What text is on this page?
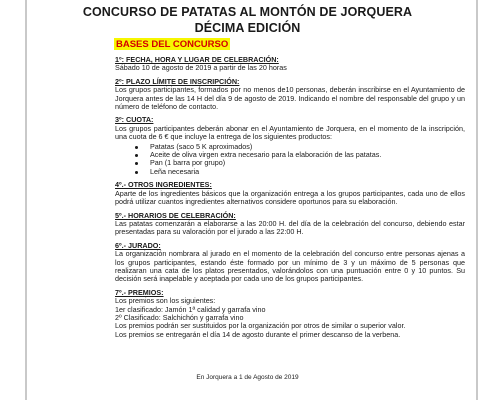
CONCURSO DE PATATAS AL MONTÓN DE JORQUERA
DÉCIMA EDICIÓN
BASES DEL CONCURSO
1º: FECHA, HORA Y LUGAR DE CELEBRACIÓN:
Sábado 10 de agosto de 2019 a partir de las 20 horas
2º: PLAZO LÍMITE DE INSCRIPCIÓN:
Los grupos participantes, formados por no menos de10 personas, deberán inscribirse en el Ayuntamiento de Jorquera antes de las 14 H del día 9 de agosto de 2019. Indicando el nombre del responsable del grupo y un número de teléfono de contacto.
3º: CUOTA:
Los grupos participantes deberán abonar en el Ayuntamiento de Jorquera, en el momento de la inscripción, una cuota de 6 € que incluye la entrega de los siguientes productos:
Patatas (saco 5 K aproximados)
Aceite de oliva virgen extra necesario para la elaboración de las patatas.
Pan (1 barra por grupo)
Leña necesaria
4º.- OTROS INGREDIENTES:
Aparte de los ingredientes básicos que la organización entrega a los grupos participantes, cada uno de ellos podrá utilizar cuantos ingredientes alternativos considere oportunos para su elaboración.
5º.- HORARIOS DE CELEBRACIÓN:
Las patatas comenzarán a elaborarse a las 20:00 H. del día de la celebración del concurso, debiendo estar presentadas para su valoración por el jurado a las 22:00 H.
6º.- JURADO:
La organización nombrara al jurado en el momento de la celebración del concurso entre personas ajenas a los grupos participantes, estando éste formado por un mínimo de 3 y un máximo de 5 personas que realizaran una cata de los platos presentados, valorándolos con una puntuación entre 0 y 10 puntos. Su decisión será inapelable y aceptada por cada uno de los grupos participantes.
7º.- PREMIOS:

Los premios son los siguientes:

1er clasificado: Jamón 1ª calidad y garrafa vino

2º Clasificado: Salchichón y garrafa vino

Los premios podrán ser sustituidos por la organización por otros de similar o superior valor.

Los premios se entregarán el día 14 de agosto durante el primer descanso de la verbena.

En Jorquera a 1 de Agosto de 2019
